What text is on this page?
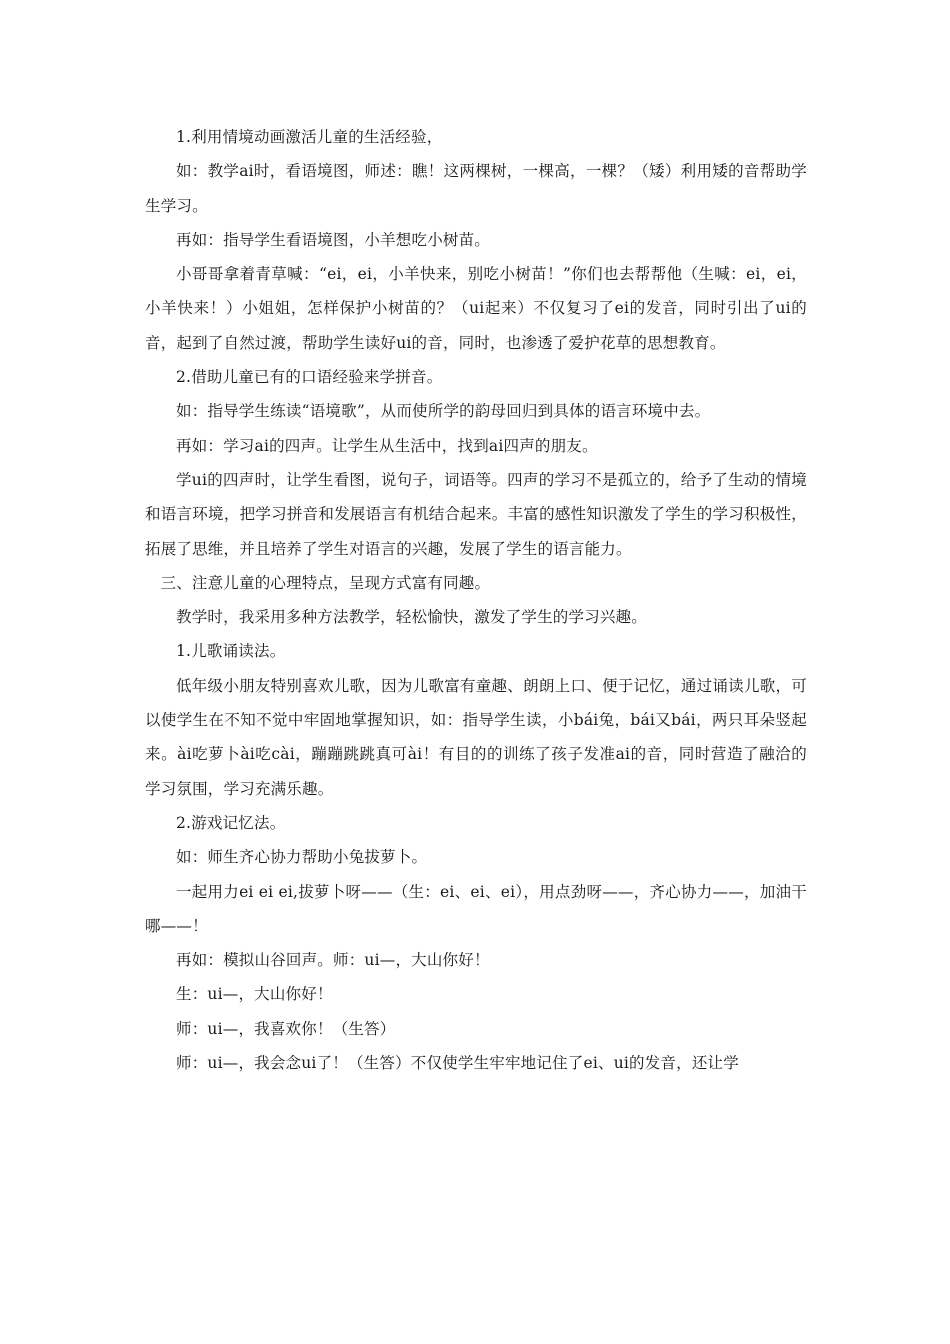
1.利用情境动画激活儿童的生活经验，

如：教学ai时，看语境图，师述：瞧！这两棵树，一棵高，一棵？（矮）利用矮的音帮助学生学习。

再如：指导学生看语境图，小羊想吃小树苗。

小哥哥拿着青草喊：“ei，ei，小羊快来，别吃小树苗！”你们也去帮帮他（生喊：ei，ei，小羊快来！）小姐姐，怎样保护小树苗的？（ui起来）不仅复习了ei的发音，同时引出了ui的音，起到了自然过渡，帮助学生读好ui的音，同时，也渗透了爱护花草的思想教育。

2.借助儿童已有的口语经验来学拼音。

如：指导学生练读“语境歌”，从而使所学的韵母回归到具体的语言环境中去。

再如：学习ai的四声。让学生从生活中，找到ai四声的朋友。

学ui的四声时，让学生看图，说句子，词语等。四声的学习不是孤立的，给予了生动的情境和语言环境，把学习拼音和发展语言有机结合起来。丰富的感性知识激发了学生的学习积极性，拓展了思维，并且培养了学生对语言的兴趣，发展了学生的语言能力。

三、注意儿童的心理特点，呈现方式富有同趣。

教学时，我采用多种方法教学，轻松愉快，激发了学生的学习兴趣。

1.儿歌诵读法。

低年级小朋友特别喜欢儿歌，因为儿歌富有童趣、朗朗上口、便于记忆，通过诵读儿歌，可以使学生在不知不觉中牢固地掌握知识，如：指导学生读，小bái兔，bái又bái，两只耳朵竖起来。ài吃萝卜ài吃cài，蹦蹦跳跳真可ài！有目的的训练了孩子发准ai的音，同时营造了融洽的学习氛围，学习充满乐趣。

2.游戏记忆法。

如：师生齐心协力帮助小兔拔萝卜。

一起用力ei ei ei,拔萝卜呀——（生：ei、ei、ei），用点劲呀——，齐心协力——，加油干哪——！

再如：模拟山谷回声。师：ui—，大山你好！

生：ui—，大山你好！

师：ui—，我喜欢你！（生答）

师：ui—，我会念ui了！（生答）不仅使学生牢牢地记住了ei、ui的发音，还让学
